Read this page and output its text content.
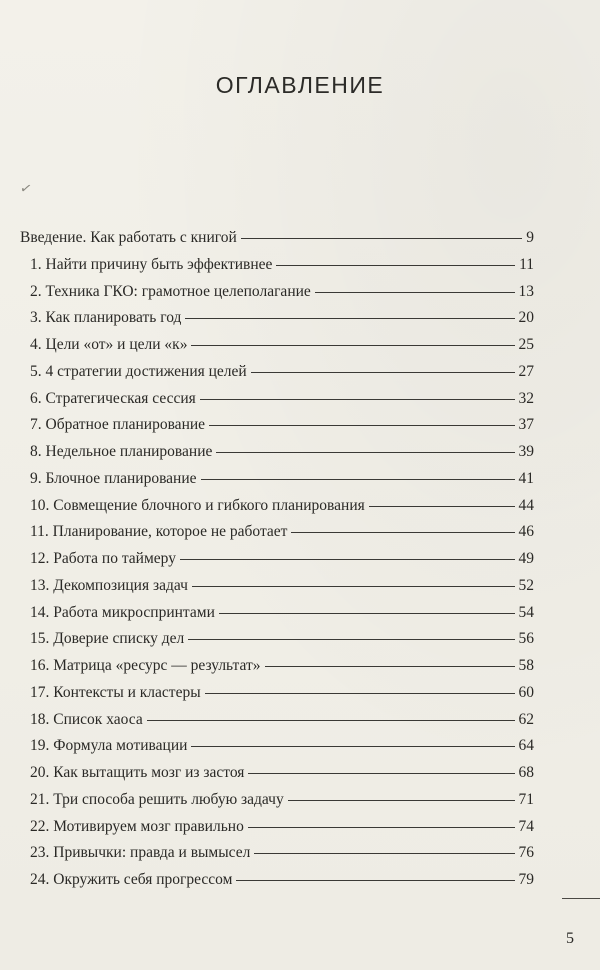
ОГЛАВЛЕНИЕ
✓
Введение. Как работать с книгой	9
1. Найти причину быть эффективнее	11
2. Техника ГКО: грамотное целеполагание	13
3. Как планировать год	20
4. Цели «от» и цели «к»	25
5. 4 стратегии достижения целей	27
6. Стратегическая сессия	32
7. Обратное планирование	37
8. Недельное планирование	39
9. Блочное планирование	41
10. Совмещение блочного и гибкого планирования	44
11. Планирование, которое не работает	46
12. Работа по таймеру	49
13. Декомпозиция задач	52
14. Работа микроспринтами	54
15. Доверие списку дел	56
16. Матрица «ресурс — результат»	58
17. Контексты и кластеры	60
18. Список хаоса	62
19. Формула мотивации	64
20. Как вытащить мозг из застоя	68
21. Три способа решить любую задачу	71
22. Мотивируем мозг правильно	74
23. Привычки: правда и вымысел	76
24. Окружить себя прогрессом	79
5
